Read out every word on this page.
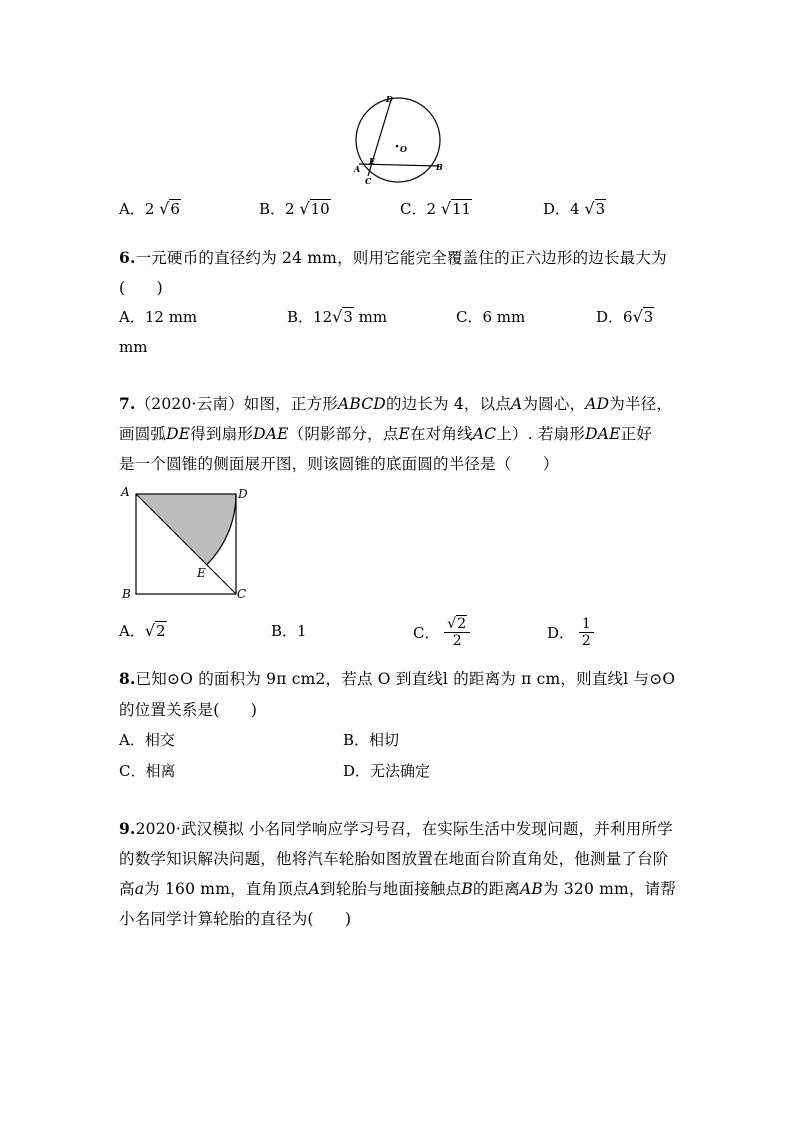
D
O
E
A
C
B
A．2 √6	B．2 √10	C．2 √11	D．4 √3
6.一元硬币的直径约为 24 mm，则用它能完全覆盖住的正六边形的边长最大为
(　　)
A．12 mm	B．12√3 mm	C．6 mm	D．6√3
mm
7.（2020·云南）如图，正方形ABCD的边长为 4，以点A为圆心，AD为半径，
画圆弧DE得到扇形DAE（阴影部分，点E在对角线AC上）. 若扇形DAE正好
是一个圆锥的侧面展开图，则该圆锥的底面圆的半径是（　　）
A	D
E
B	C
A．√2	B．1	C． $\frac{√2}{2}$	D． $\frac{1}{2}$
8.已知⊙O 的面积为 9π cm2，若点 O 到直线l 的距离为 π cm，则直线l 与⊙O
的位置关系是(　　)
A．相交	B．相切
C．相离	D．无法确定
9.2020·武汉模拟 小名同学响应学习号召，在实际生活中发现问题，并利用所学
的数学知识解决问题，他将汽车轮胎如图放置在地面台阶直角处，他测量了台阶
高a为 160 mm，直角顶点A到轮胎与地面接触点B的距离AB为 320 mm，请帮
小名同学计算轮胎的直径为(　　)
